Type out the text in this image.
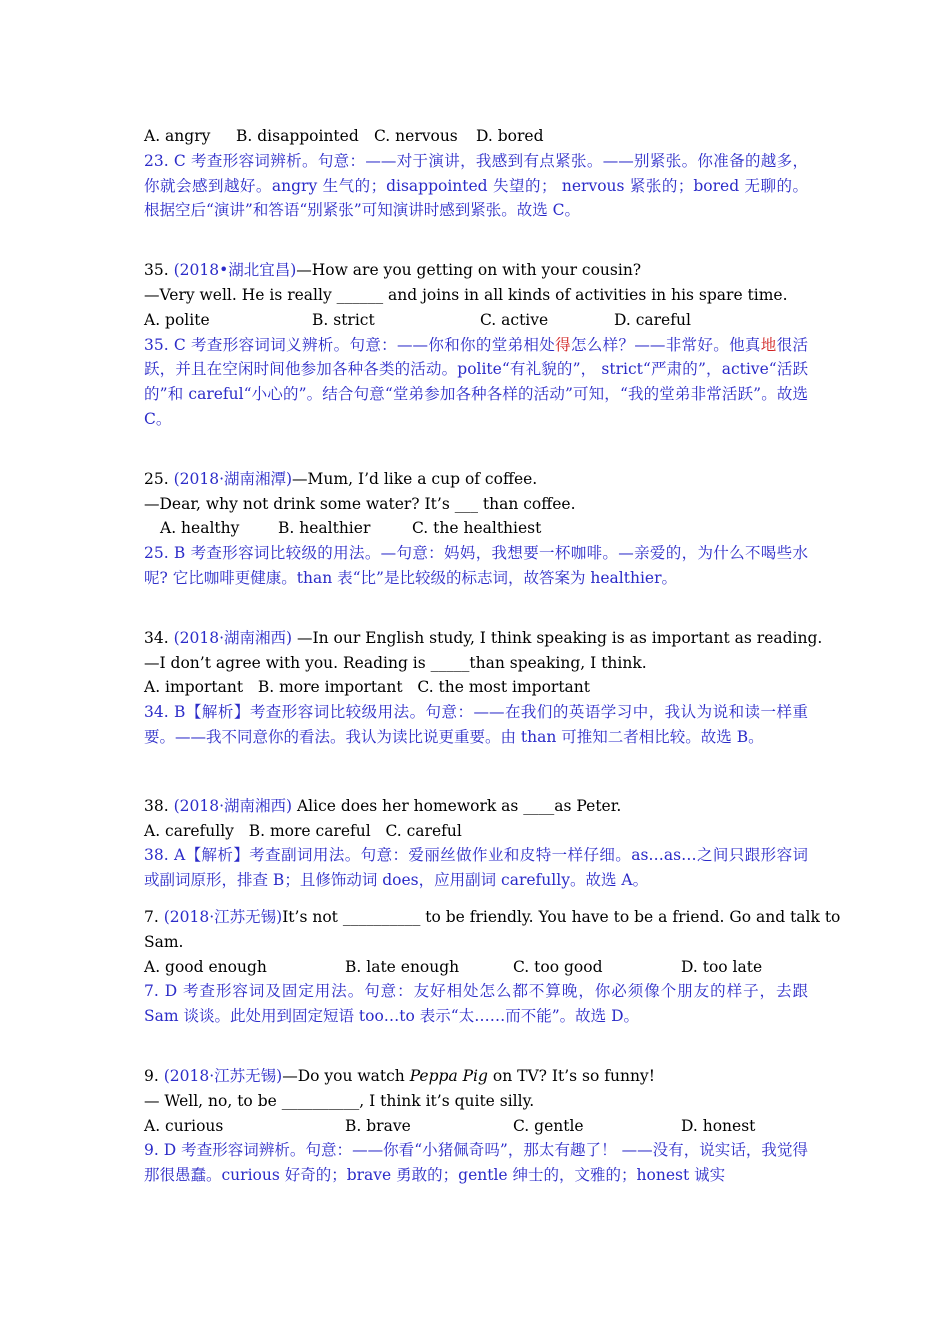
A. angry	B. disappointed C. nervous	D. bored
23. C 考查形容词辨析。句意：——对于演讲，我感到有点紧张。——别紧张。你准备的越多，你就会感到越好。angry 生气的；disappointed 失望的； nervous 紧张的；bored 无聊的。根据空后“演讲”和答语“别紧张”可知演讲时感到紧张。故选 C。
35. (2018•湖北宜昌)—How are you getting on with your cousin?
—Very well. He is really ______ and joins in all kinds of activities in his spare time.
A. polite	B. strict	C. active	D. careful
35. C 考查形容词词义辨析。句意：——你和你的堂弟相处得怎么样？——非常好。他真地很活跃，并且在空闲时间他参加各种各类的活动。polite“有礼貌的”， strict“严肃的”，active“活跃的”和 careful“小心的”。结合句意“堂弟参加各种各样的活动”可知，“我的堂弟非常活跃”。故选 C。
25. (2018·湖南湘潭)—Mum, I’d like a cup of coffee.
—Dear, why not drink some water? It’s ___ than coffee.
A. healthy	B. healthier	C. the healthiest
25. B 考查形容词比较级的用法。—句意：妈妈，我想要一杯咖啡。—亲爱的，为什么不喝些水呢? 它比咖啡更健康。than 表“比”是比较级的标志词，故答案为 healthier。
34. (2018·湖南湘西) —In our English study, I think speaking is as important as reading.
—I don’t agree with you. Reading is _____than speaking, I think.
A. important   B. more important   C. the most important
34. B【解析】考查形容词比较级用法。句意：——在我们的英语学习中，我认为说和读一样重要。——我不同意你的看法。我认为读比说更重要。由 than 可推知二者相比较。故选 B。
38. (2018·湖南湘西) Alice does her homework as ____as Peter.
A. carefully   B. more careful   C. careful
38. A【解析】考查副词用法。句意：爱丽丝做作业和皮特一样仔细。as…as…之间只跟形容词或副词原形，排查 B；且修饰动词 does，应用副词 carefully。故选 A。
7. (2018·江苏无锡)It’s not __________ to be friendly. You have to be a friend. Go and talk to
Sam.
A. good enough	B. late enough	C. too good	D. too late
7. D 考查形容词及固定用法。句意：友好相处怎么都不算晚，你必须像个朋友的样子，去跟 Sam 谈谈。此处用到固定短语 too…to 表示“太……而不能”。故选 D。
9. (2018·江苏无锡)—Do you watch Peppa Pig on TV? It’s so funny!
— Well, no, to be __________, I think it’s quite silly.
A. curious	B. brave	C. gentle	D. honest
9. D 考查形容词辨析。句意：——你看“小猪佩奇吗”，那太有趣了！ ——没有，说实话，我觉得那很愚蠢。curious 好奇的；brave 勇敢的；gentle 绅士的，文雅的；honest 诚实
